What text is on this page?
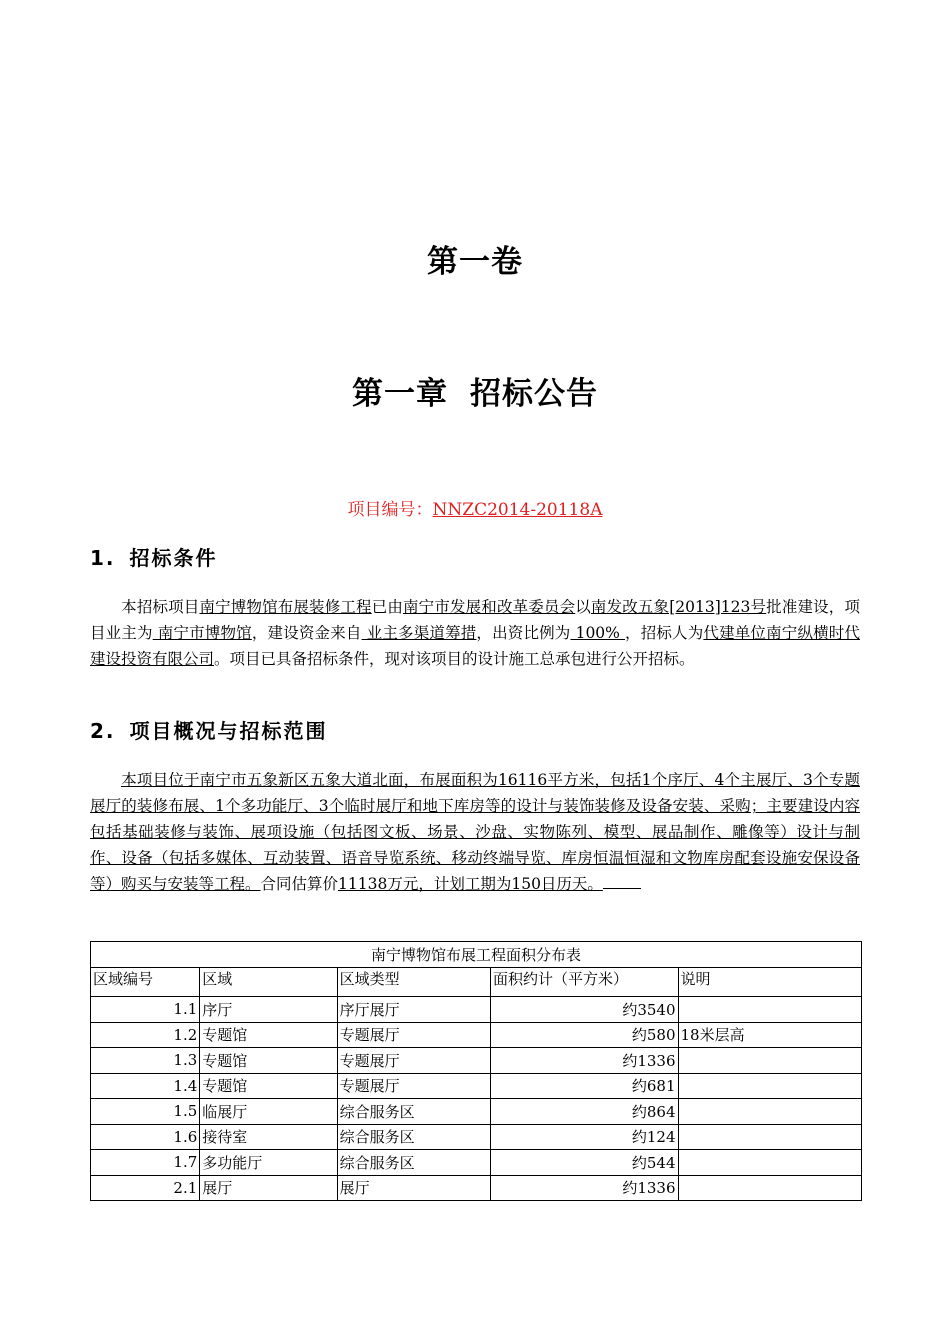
第一卷
第一章 招标公告
项目编号：NNZC2014-20118A
1. 招标条件
本招标项目南宁博物馆布展装修工程已由南宁市发展和改革委员会以南发改五象[2013]123号批准建设，项目业主为 南宁市博物馆，建设资金来自 业主多渠道筹措，出资比例为 100% ，招标人为代建单位南宁纵横时代建设投资有限公司。项目已具备招标条件，现对该项目的设计施工总承包进行公开招标。
2. 项目概况与招标范围
本项目位于南宁市五象新区五象大道北面，布展面积为16116平方米，包括1个序厅、4个主展厅、3个专题展厅的装修布展、1个多功能厅、3个临时展厅和地下库房等的设计与装饰装修及设备安装、采购；主要建设内容包括基础装修与装饰、展项设施（包括图文板、场景、沙盘、实物陈列、模型、展品制作、雕像等）设计与制作、设备（包括多媒体、互动装置、语音导览系统、移动终端导览、库房恒温恒湿和文物库房配套设施安保设备等）购买与安装等工程。合同估算价11138万元，计划工期为150日历天。
南宁博物馆布展工程面积分布表				
区域编号	区域	区域类型	面积约计（平方米）	说明
1.1	序厅	序厅展厅	约3540	
1.2	专题馆	专题展厅	约580	18米层高
1.3	专题馆	专题展厅	约1336	
1.4	专题馆	专题展厅	约681	
1.5	临展厅	综合服务区	约864	
1.6	接待室	综合服务区	约124	
1.7	多功能厅	综合服务区	约544	
2.1	展厅	展厅	约1336	
